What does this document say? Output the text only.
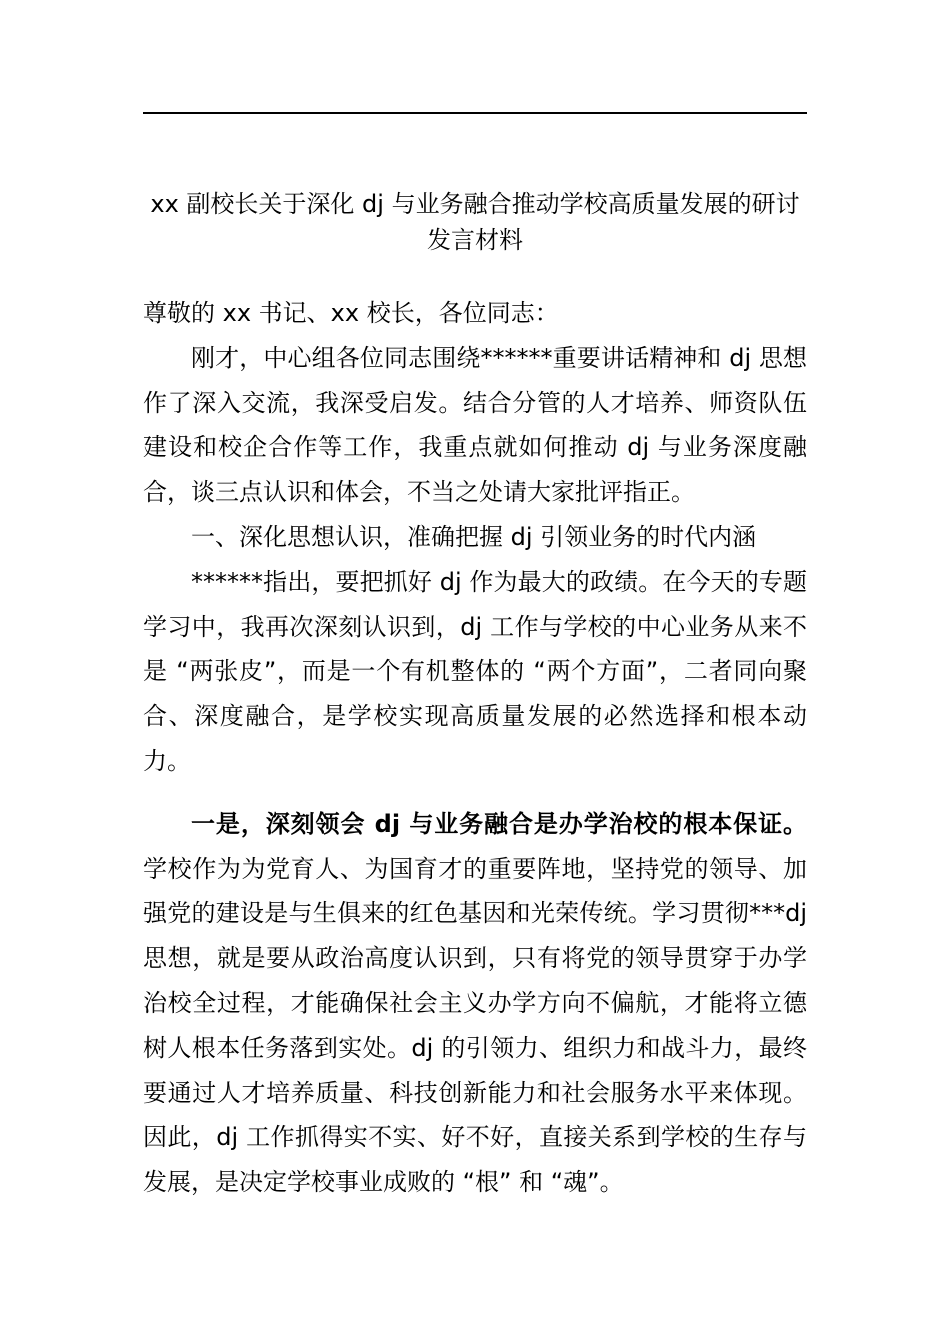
xx 副校长关于深化 dj 与业务融合推动学校高质量发展的研讨发言材料

尊敬的 xx 书记、xx 校长，各位同志：

刚才，中心组各位同志围绕******重要讲话精神和 dj 思想作了深入交流，我深受启发。结合分管的人才培养、师资队伍建设和校企合作等工作，我重点就如何推动 dj 与业务深度融合，谈三点认识和体会，不当之处请大家批评指正。

一、深化思想认识，准确把握 dj 引领业务的时代内涵

******指出，要把抓好 dj 作为最大的政绩。在今天的专题学习中，我再次深刻认识到，dj 工作与学校的中心业务从来不是 “两张皮”，而是一个有机整体的 “两个方面”，二者同向聚合、深度融合，是学校实现高质量发展的必然选择和根本动力。

一是，深刻领会 dj 与业务融合是办学治校的根本保证。学校作为为党育人、为国育才的重要阵地，坚持党的领导、加强党的建设是与生俱来的红色基因和光荣传统。学习贯彻***dj 思想，就是要从政治高度认识到，只有将党的领导贯穿于办学治校全过程，才能确保社会主义办学方向不偏航，才能将立德树人根本任务落到实处。dj 的引领力、组织力和战斗力，最终要通过人才培养质量、科技创新能力和社会服务水平来体现。因此，dj 工作抓得实不实、好不好，直接关系到学校的生存与发展，是决定学校事业成败的 “根” 和 “魂”。
